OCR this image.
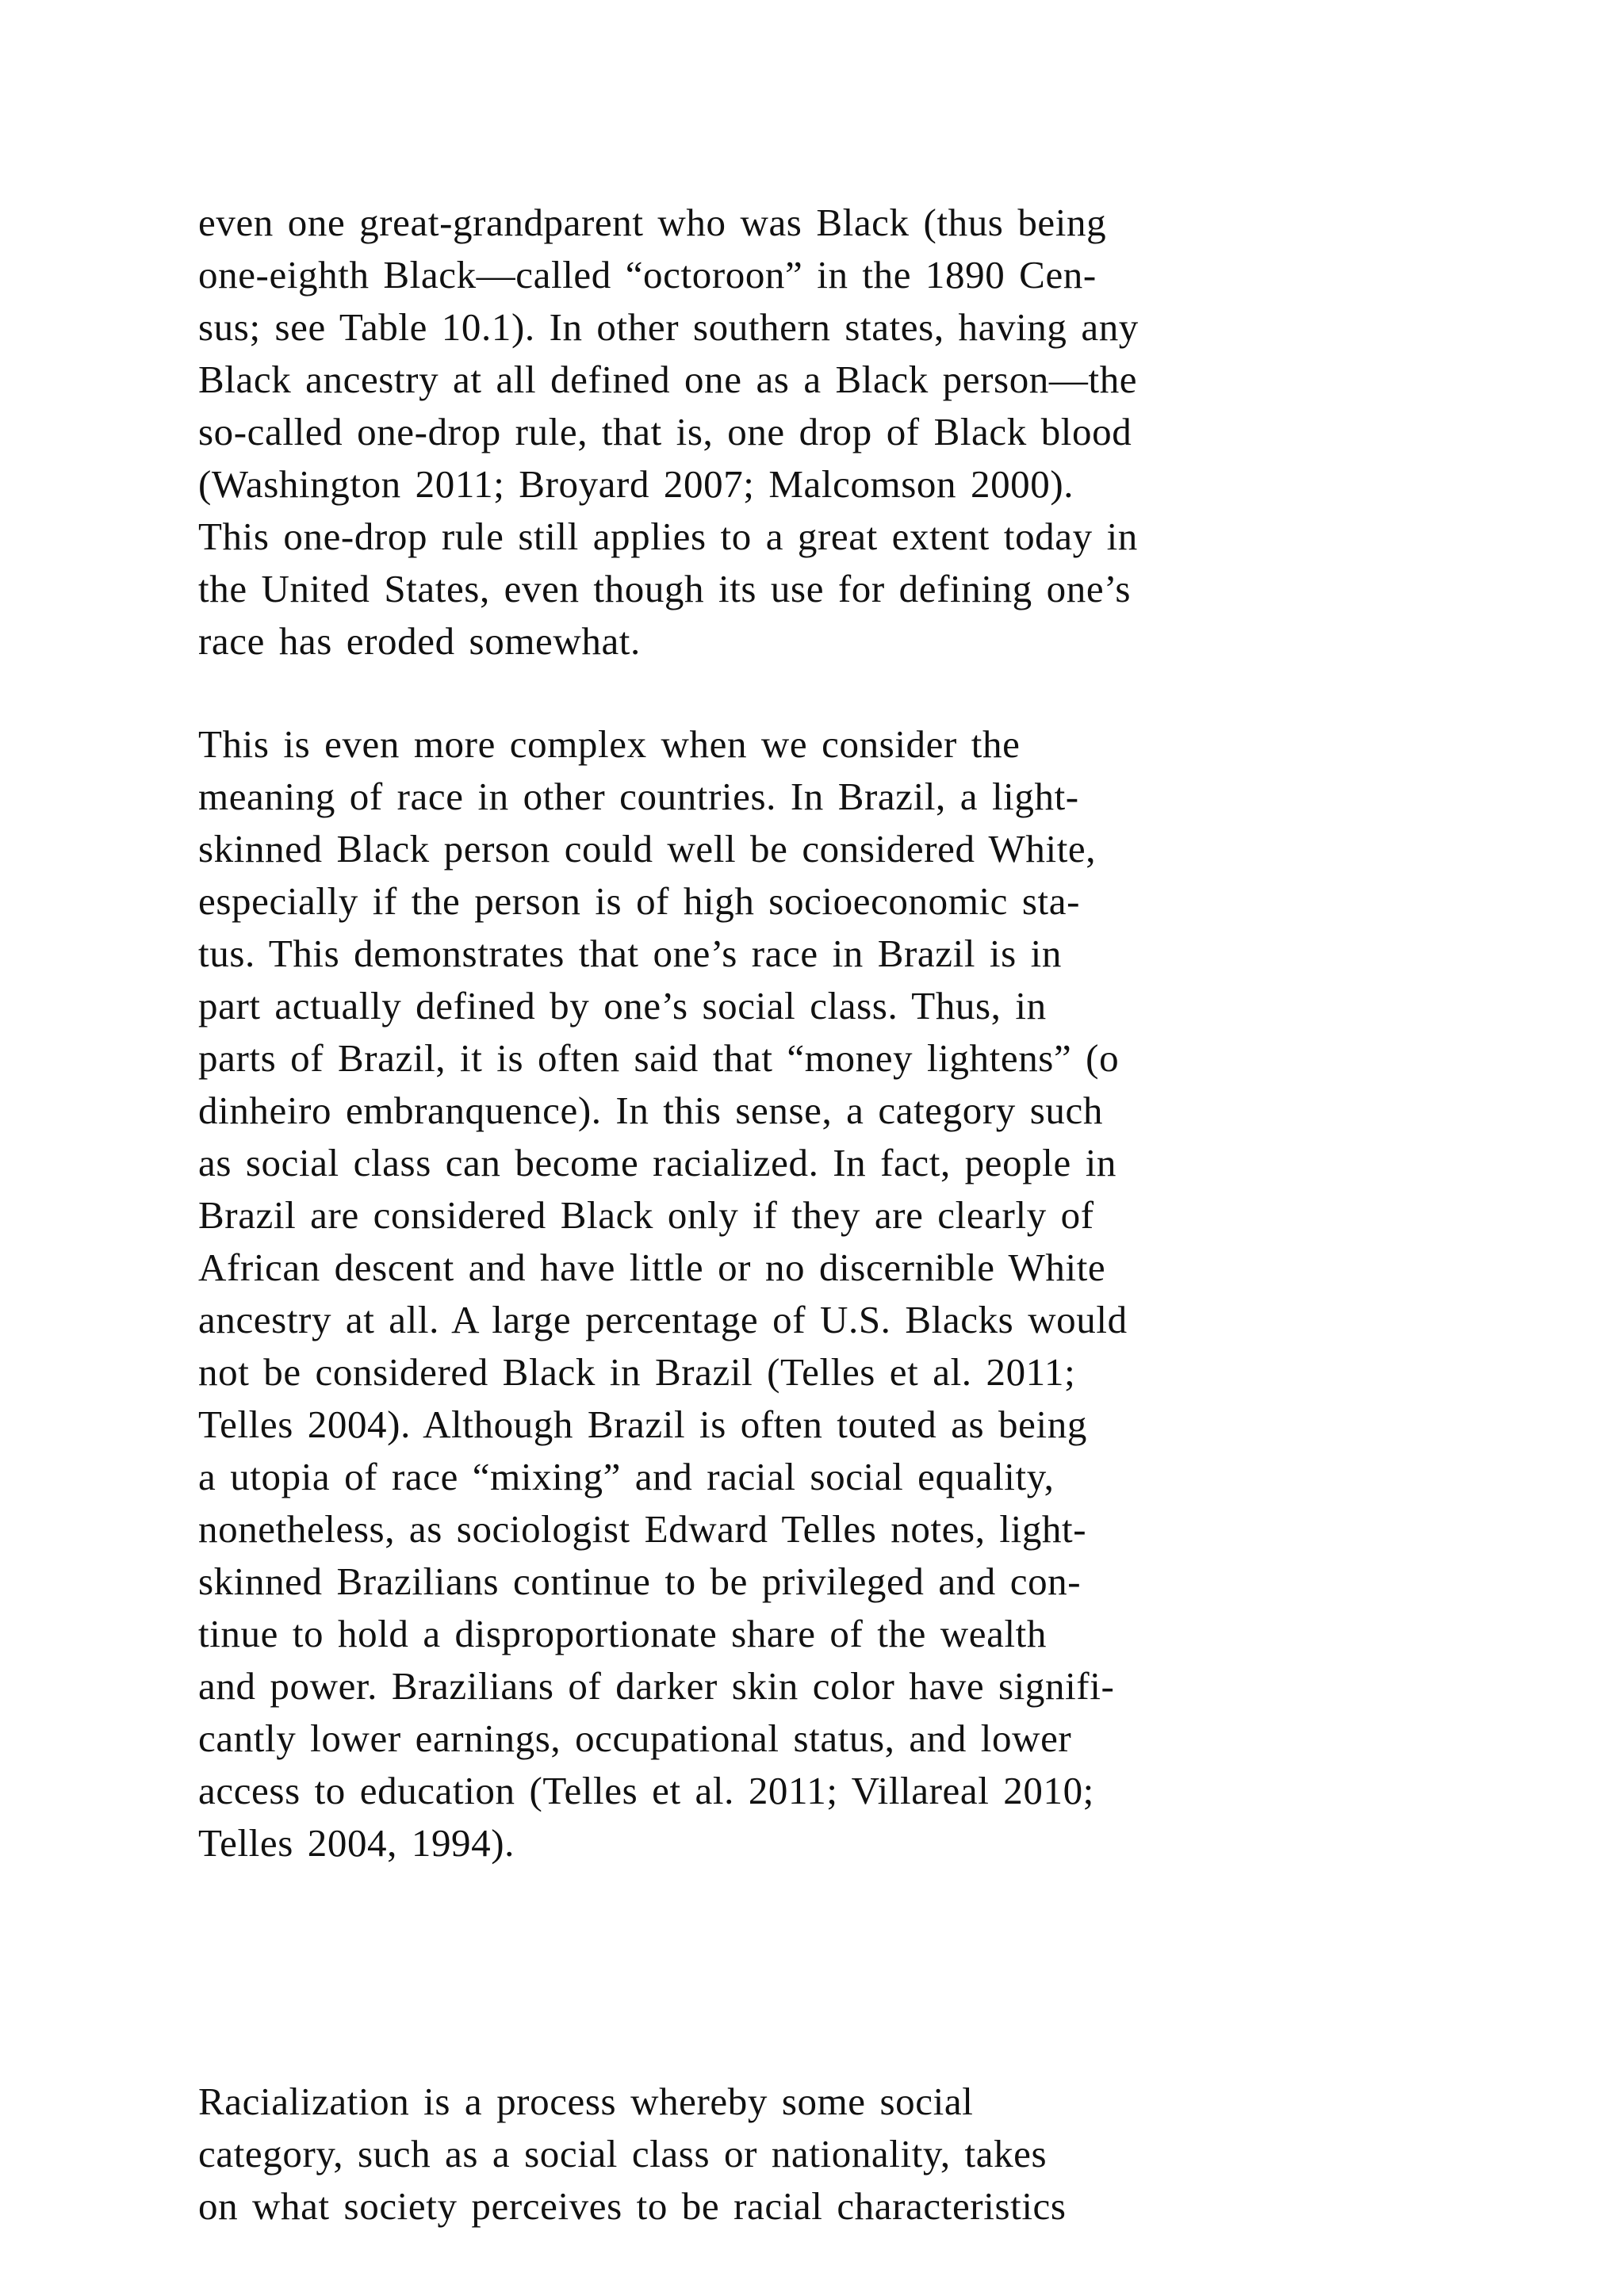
even one great-grandparent who was Black (thus being
one-eighth Black—called “octoroon” in the 1890 Cen-
sus; see Table 10.1). In other southern states, having any
Black ancestry at all defined one as a Black person—the
so-called one-drop rule, that is, one drop of Black blood
(Washington 2011; Broyard 2007; Malcomson 2000).
This one-drop rule still applies to a great extent today in
the United States, even though its use for defining one’s
race has eroded somewhat.
This is even more complex when we consider the
meaning of race in other countries. In Brazil, a light-
skinned Black person could well be considered White,
especially if the person is of high socioeconomic sta-
tus. This demonstrates that one’s race in Brazil is in
part actually defined by one’s social class. Thus, in
parts of Brazil, it is often said that “money lightens” (o
dinheiro embranquence). In this sense, a category such
as social class can become racialized. In fact, people in
Brazil are considered Black only if they are clearly of
African descent and have little or no discernible White
ancestry at all. A large percentage of U.S. Blacks would
not be considered Black in Brazil (Telles et al. 2011;
Telles 2004). Although Brazil is often touted as being
a utopia of race “mixing” and racial social equality,
nonetheless, as sociologist Edward Telles notes, light-
skinned Brazilians continue to be privileged and con-
tinue to hold a disproportionate share of the wealth
and power. Brazilians of darker skin color have signifi-
cantly lower earnings, occupational status, and lower
access to education (Telles et al. 2011; Villareal 2010;
Telles 2004, 1994).
Racialization is a process whereby some social
category, such as a social class or nationality, takes
on what society perceives to be racial characteristics
